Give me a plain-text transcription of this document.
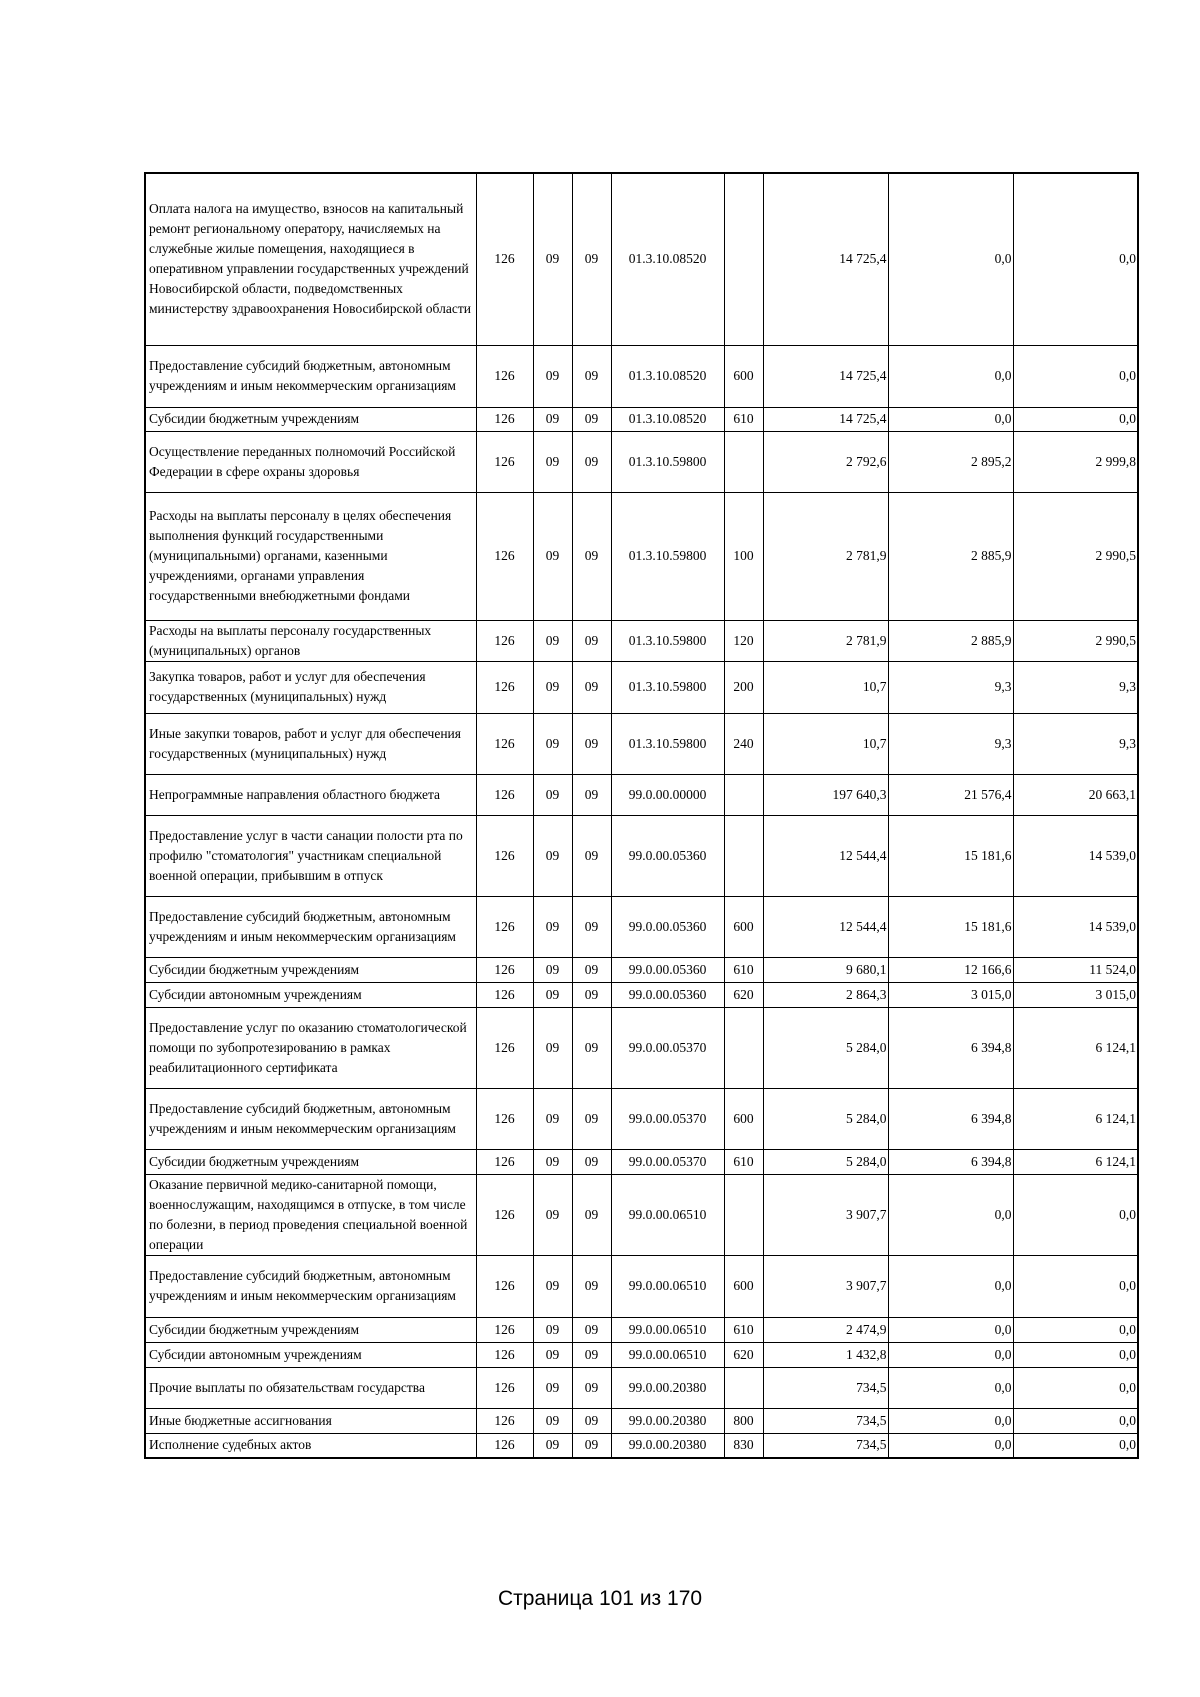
Оплата налога на имущество, взносов на капитальный ремонт региональному оператору, начисляемых на служебные жилые помещения, находящиеся в оперативном управлении государственных учреждений Новосибирской области, подведомственных министерству здравоохранения Новосибирской области	126	09	09	01.3.10.08520		14 725,4	0,0	0,0
Предоставление субсидий бюджетным, автономным учреждениям и иным некоммерческим организациям	126	09	09	01.3.10.08520	600	14 725,4	0,0	0,0
Субсидии бюджетным учреждениям	126	09	09	01.3.10.08520	610	14 725,4	0,0	0,0
Осуществление переданных полномочий Российской Федерации в сфере охраны здоровья	126	09	09	01.3.10.59800		2 792,6	2 895,2	2 999,8
Расходы на выплаты персоналу в целях обеспечения выполнения функций государственными (муниципальными) органами, казенными учреждениями, органами управления государственными внебюджетными фондами	126	09	09	01.3.10.59800	100	2 781,9	2 885,9	2 990,5
Расходы на выплаты персоналу государственных (муниципальных) органов	126	09	09	01.3.10.59800	120	2 781,9	2 885,9	2 990,5
Закупка товаров, работ и услуг для обеспечения государственных (муниципальных) нужд	126	09	09	01.3.10.59800	200	10,7	9,3	9,3
Иные закупки товаров, работ и услуг для обеспечения государственных (муниципальных) нужд	126	09	09	01.3.10.59800	240	10,7	9,3	9,3
Непрограммные направления областного бюджета	126	09	09	99.0.00.00000		197 640,3	21 576,4	20 663,1
Предоставление услуг в части санации полости рта по профилю "стоматология" участникам специальной военной операции, прибывшим в отпуск	126	09	09	99.0.00.05360		12 544,4	15 181,6	14 539,0
Предоставление субсидий бюджетным, автономным учреждениям и иным некоммерческим организациям	126	09	09	99.0.00.05360	600	12 544,4	15 181,6	14 539,0
Субсидии бюджетным учреждениям	126	09	09	99.0.00.05360	610	9 680,1	12 166,6	11 524,0
Субсидии автономным учреждениям	126	09	09	99.0.00.05360	620	2 864,3	3 015,0	3 015,0
Предоставление услуг по оказанию стоматологической помощи по зубопротезированию в рамках реабилитационного сертификата	126	09	09	99.0.00.05370		5 284,0	6 394,8	6 124,1
Предоставление субсидий бюджетным, автономным учреждениям и иным некоммерческим организациям	126	09	09	99.0.00.05370	600	5 284,0	6 394,8	6 124,1
Субсидии бюджетным учреждениям	126	09	09	99.0.00.05370	610	5 284,0	6 394,8	6 124,1
Оказание первичной медико-санитарной помощи, военнослужащим, находящимся в отпуске, в том числе по болезни, в период проведения специальной военной операции	126	09	09	99.0.00.06510		3 907,7	0,0	0,0
Предоставление субсидий бюджетным, автономным учреждениям и иным некоммерческим организациям	126	09	09	99.0.00.06510	600	3 907,7	0,0	0,0
Субсидии бюджетным учреждениям	126	09	09	99.0.00.06510	610	2 474,9	0,0	0,0
Субсидии автономным учреждениям	126	09	09	99.0.00.06510	620	1 432,8	0,0	0,0
Прочие выплаты по обязательствам государства	126	09	09	99.0.00.20380		734,5	0,0	0,0
Иные бюджетные ассигнования	126	09	09	99.0.00.20380	800	734,5	0,0	0,0
Исполнение судебных актов	126	09	09	99.0.00.20380	830	734,5	0,0	0,0
Страница 101 из 170
